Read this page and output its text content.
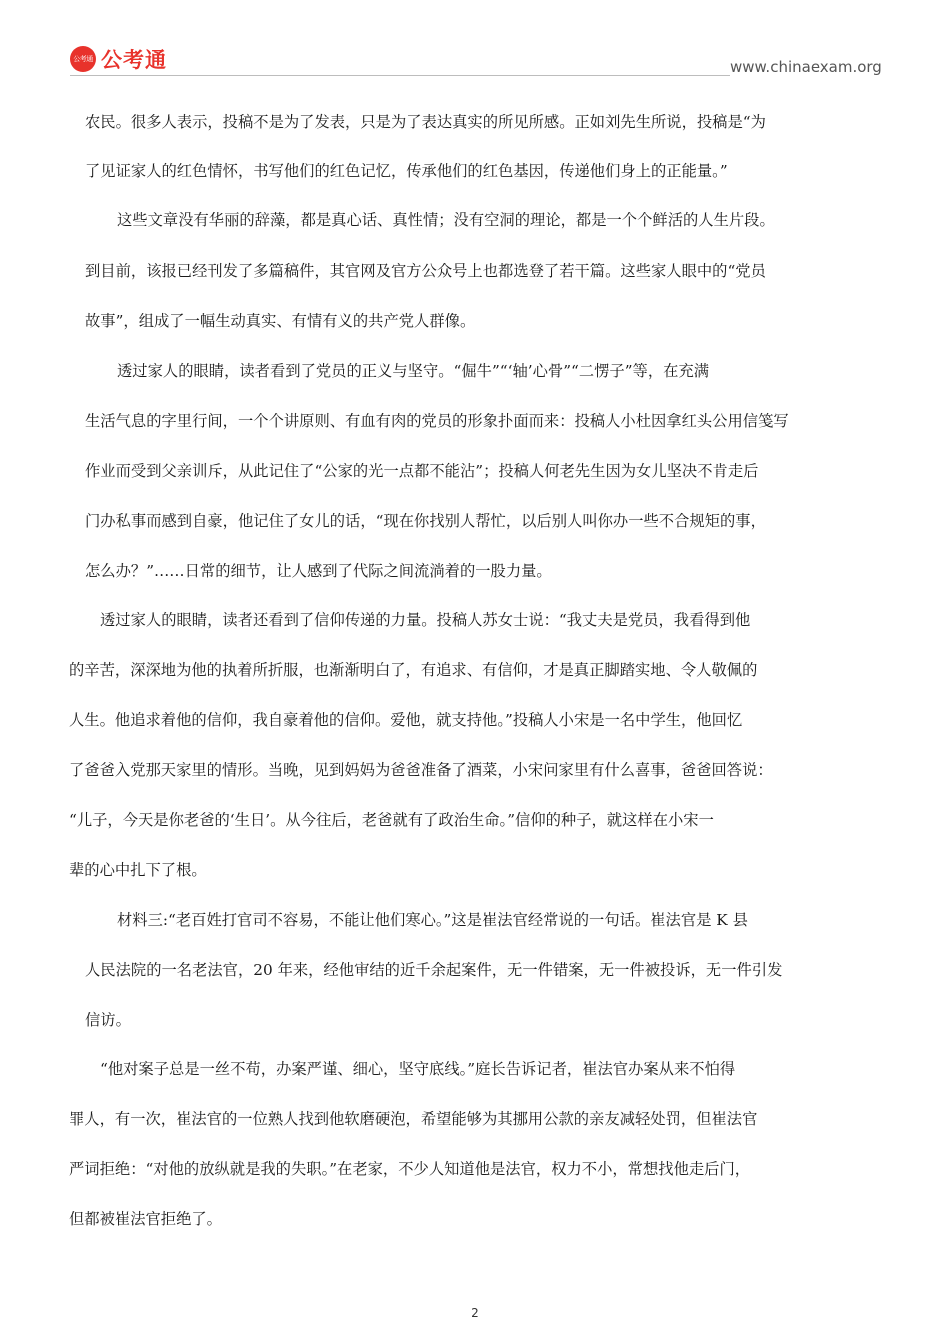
公考通 公考通	www.chinaexam.org
农民。很多人表示，投稿不是为了发表，只是为了表达真实的所见所感。正如刘先生所说，投稿是“为
了见证家人的红色情怀，书写他们的红色记忆，传承他们的红色基因，传递他们身上的正能量。”
这些文章没有华丽的辞藻，都是真心话、真性情；没有空洞的理论，都是一个个鲜活的人生片段。
到目前，该报已经刊发了多篇稿件，其官网及官方公众号上也都选登了若干篇。这些家人眼中的“党员
故事”，组成了一幅生动真实、有情有义的共产党人群像。
透过家人的眼睛，读者看到了党员的正义与坚守。“倔牛”“‘轴’心骨”“二愣子”等，在充满
生活气息的字里行间，一个个讲原则、有血有肉的党员的形象扑面而来：投稿人小杜因拿红头公用信笺写
作业而受到父亲训斥，从此记住了“公家的光一点都不能沾”；投稿人何老先生因为女儿坚决不肯走后
门办私事而感到自豪，他记住了女儿的话，“现在你找别人帮忙，以后别人叫你办一些不合规矩的事，
怎么办？”……日常的细节，让人感到了代际之间流淌着的一股力量。
透过家人的眼睛，读者还看到了信仰传递的力量。投稿人苏女士说：“我丈夫是党员，我看得到他
的辛苦，深深地为他的执着所折服，也渐渐明白了，有追求、有信仰，才是真正脚踏实地、令人敬佩的
人生。他追求着他的信仰，我自豪着他的信仰。爱他，就支持他。”投稿人小宋是一名中学生，他回忆
了爸爸入党那天家里的情形。当晚，见到妈妈为爸爸准备了酒菜，小宋问家里有什么喜事，爸爸回答说：
“儿子，今天是你老爸的‘生日’。从今往后，老爸就有了政治生命。”信仰的种子，就这样在小宋一
辈的心中扎下了根。
材料三:“老百姓打官司不容易，不能让他们寒心。”这是崔法官经常说的一句话。崔法官是 K 县
人民法院的一名老法官，20 年来，经他审结的近千余起案件，无一件错案，无一件被投诉，无一件引发
信访。
“他对案子总是一丝不苟，办案严谨、细心，坚守底线。”庭长告诉记者，崔法官办案从来不怕得
罪人，有一次，崔法官的一位熟人找到他软磨硬泡，希望能够为其挪用公款的亲友减轻处罚，但崔法官
严词拒绝：“对他的放纵就是我的失职。”在老家，不少人知道他是法官，权力不小，常想找他走后门，
但都被崔法官拒绝了。
2
